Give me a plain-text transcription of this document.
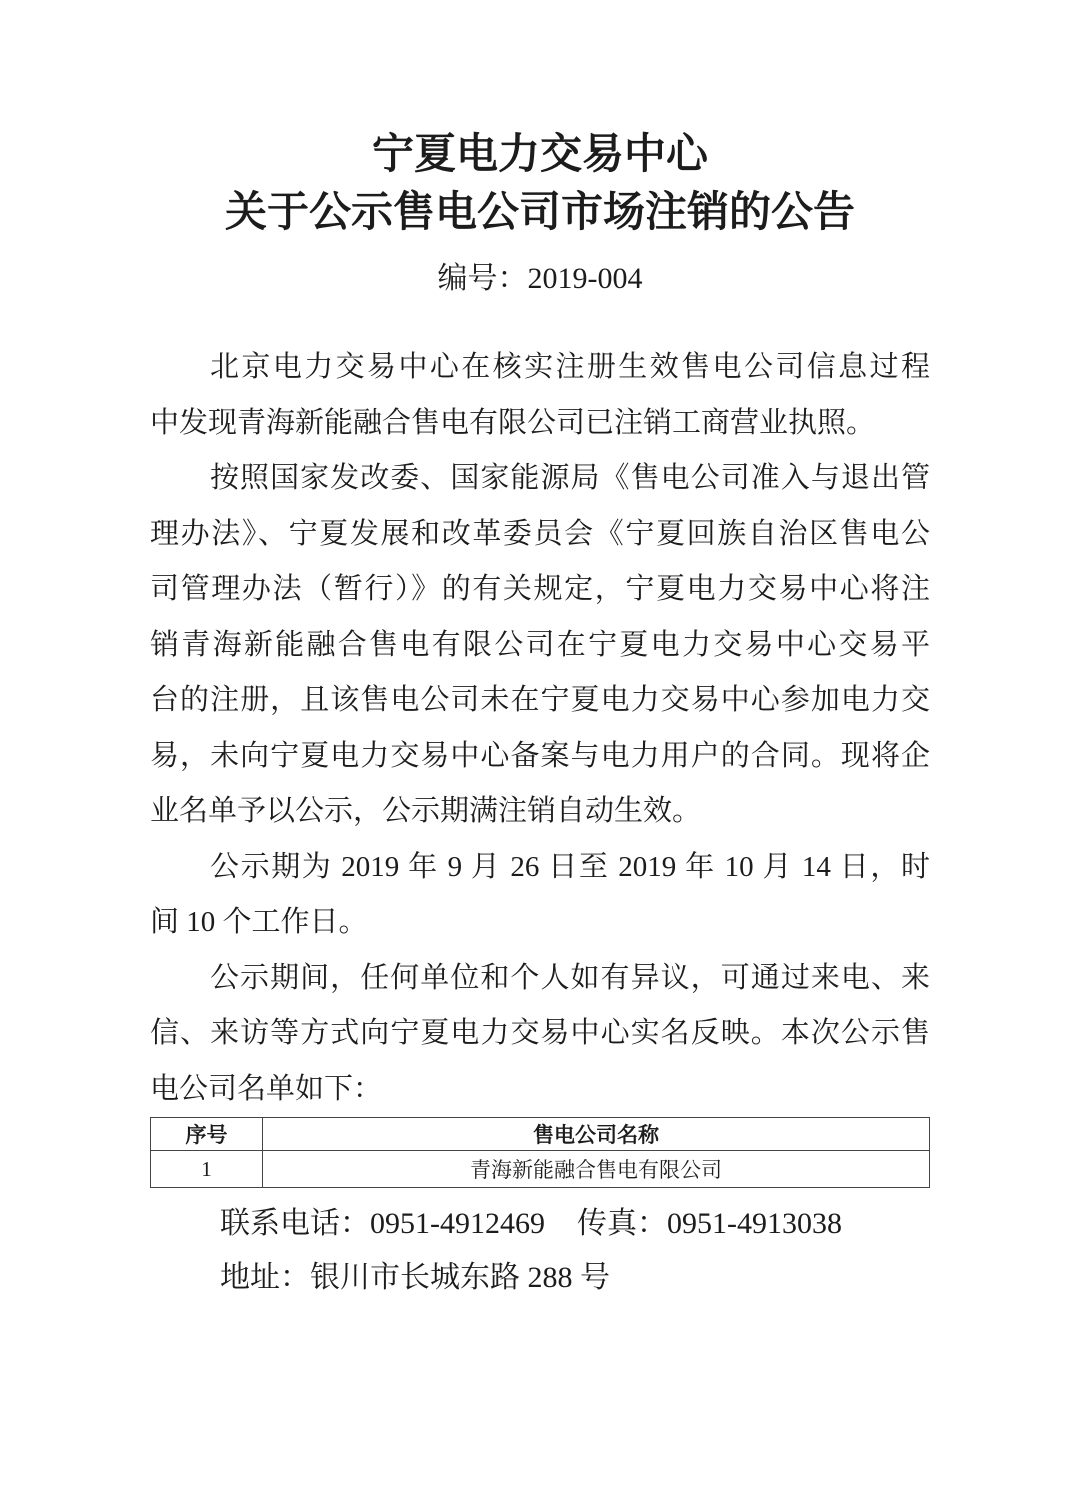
宁夏电力交易中心
关于公示售电公司市场注销的公告
编号：2019-004
北京电力交易中心在核实注册生效售电公司信息过程
中发现青海新能融合售电有限公司已注销工商营业执照。
按照国家发改委、国家能源局《售电公司准入与退出管
理办法》、宁夏发展和改革委员会《宁夏回族自治区售电公
司管理办法（暂行）》的有关规定，宁夏电力交易中心将注
销青海新能融合售电有限公司在宁夏电力交易中心交易平
台的注册，且该售电公司未在宁夏电力交易中心参加电力交
易，未向宁夏电力交易中心备案与电力用户的合同。现将企
业名单予以公示，公示期满注销自动生效。
公示期为 2019 年 9 月 26 日至 2019 年 10 月 14 日，时
间 10 个工作日。
公示期间，任何单位和个人如有异议，可通过来电、来
信、来访等方式向宁夏电力交易中心实名反映。本次公示售
电公司名单如下：
序号	售电公司名称
1	青海新能融合售电有限公司
联系电话：0951-4912469 传真：0951-4913038
地址：银川市长城东路 288 号
